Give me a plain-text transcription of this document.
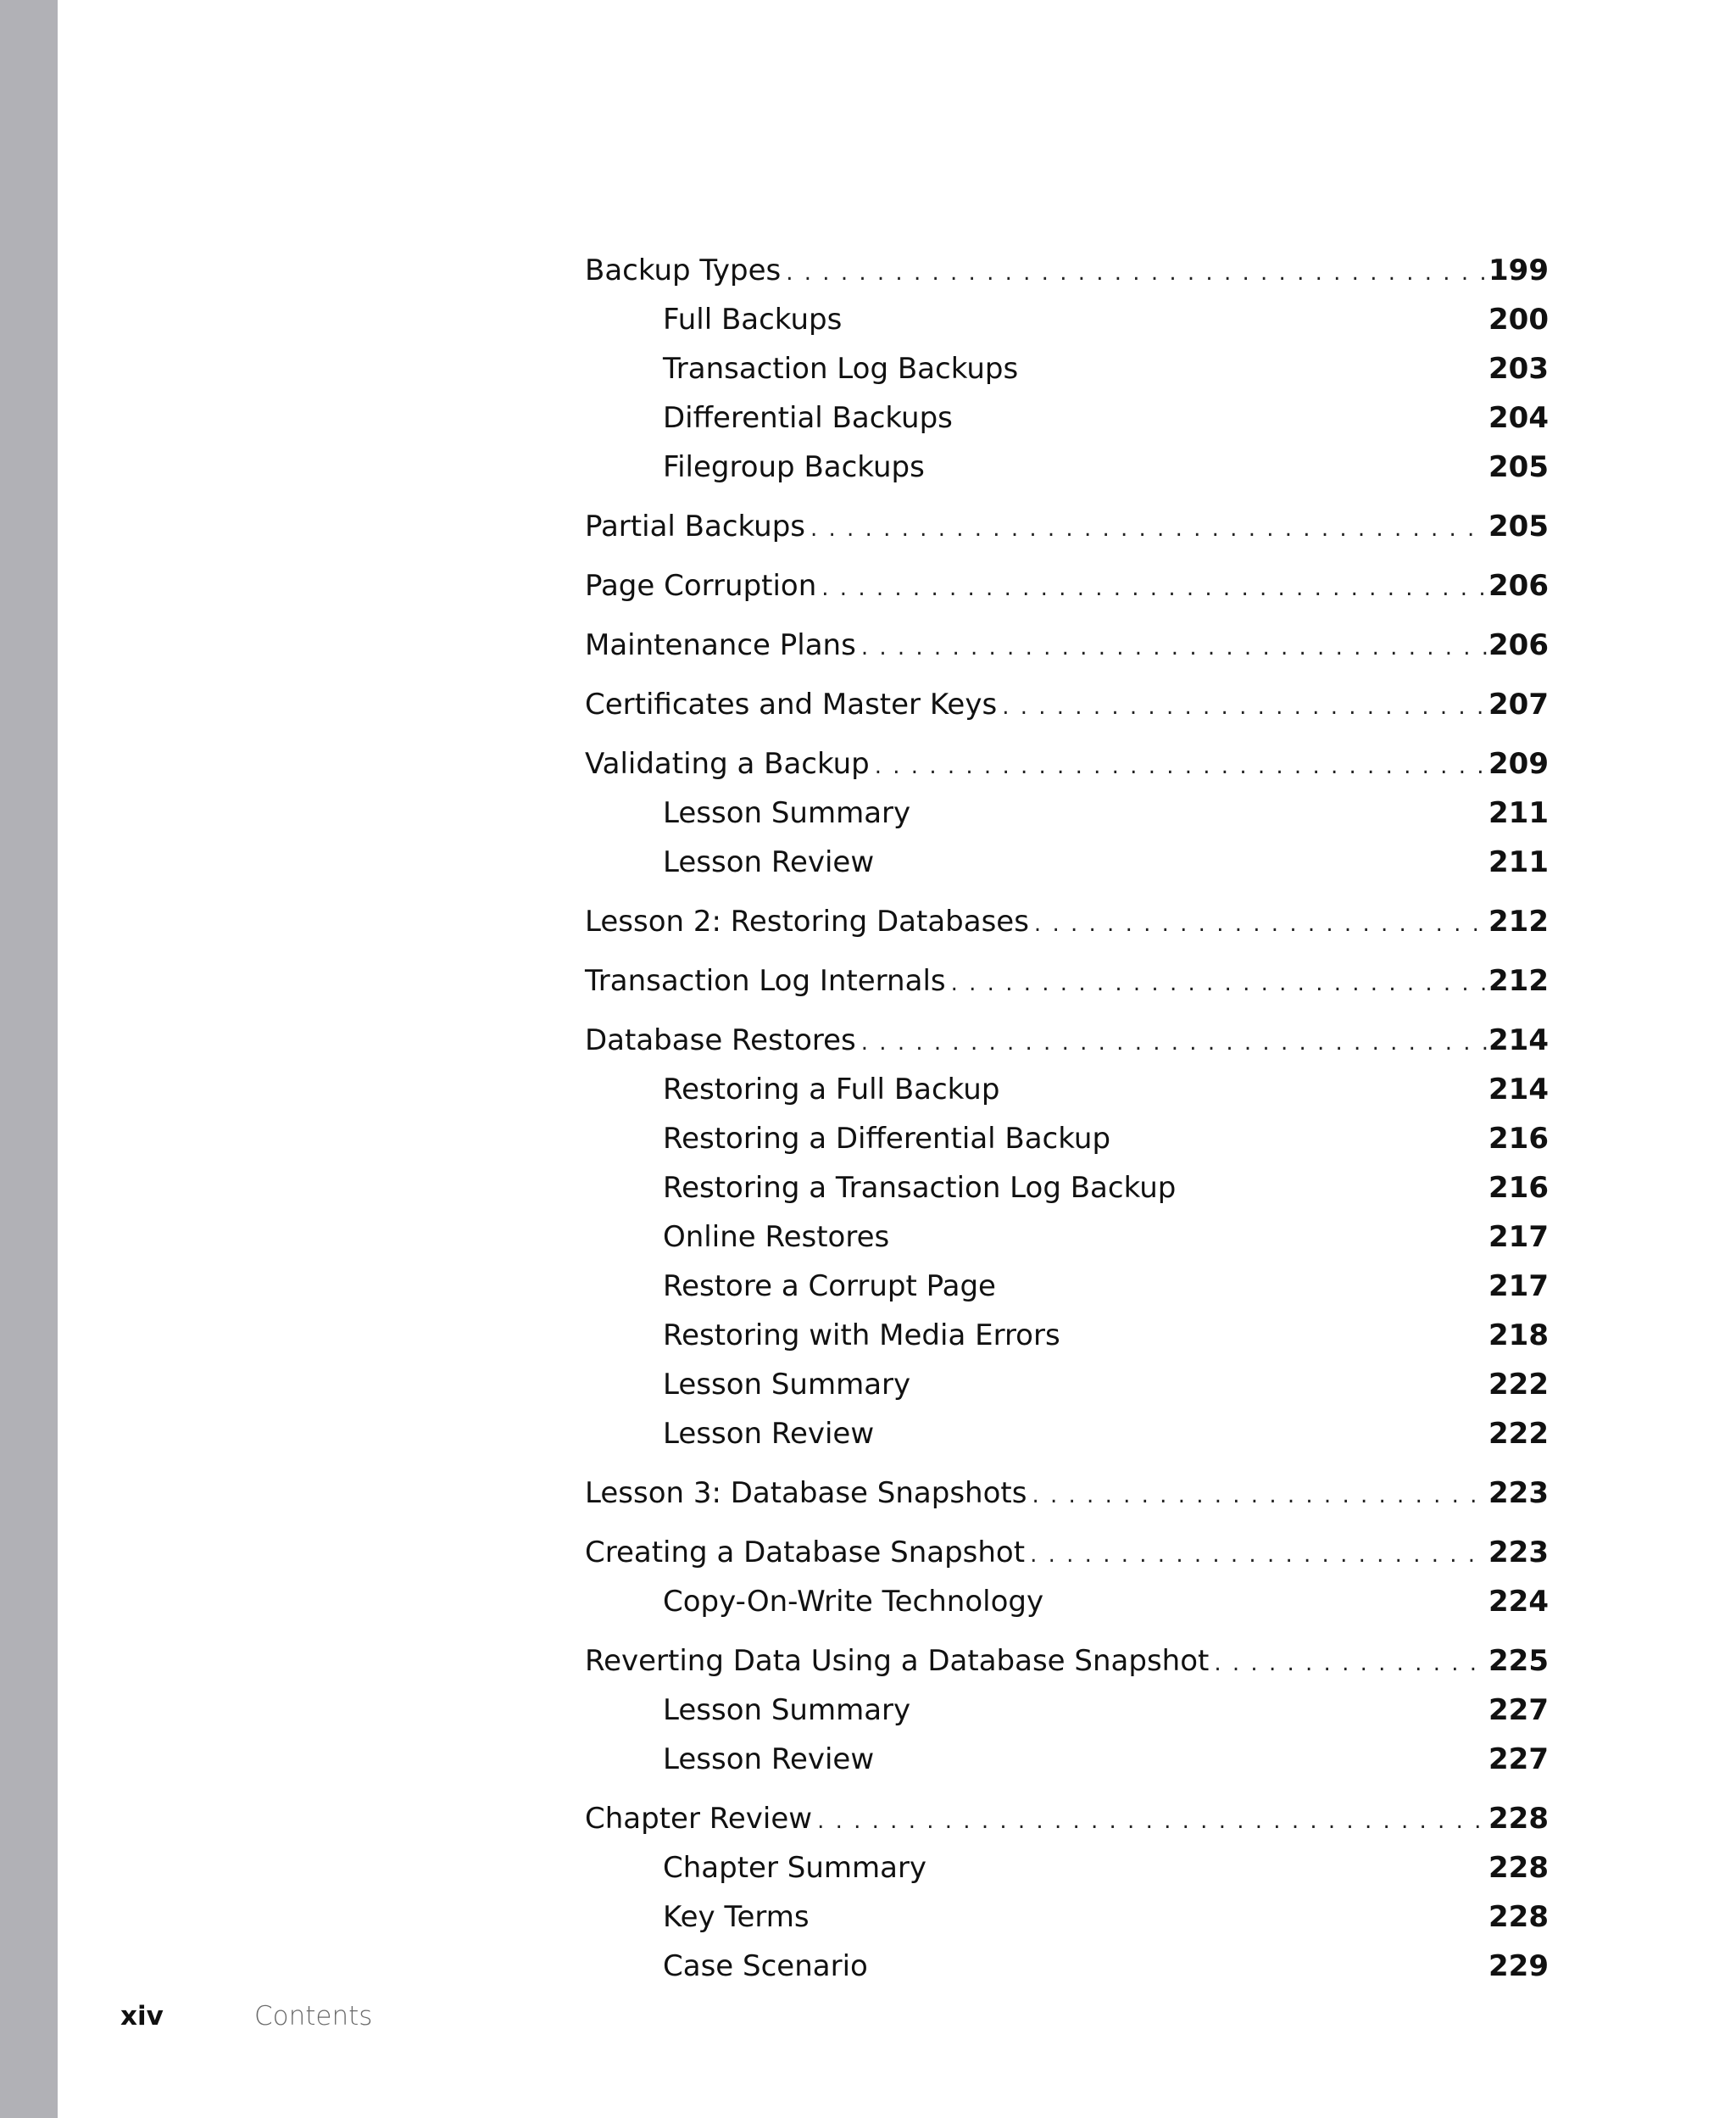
Backup Types . . .	199
Full Backups	200
Transaction Log Backups	203
Differential Backups	204
Filegroup Backups	205
Partial Backups . . .	205
Page Corruption . . .	206
Maintenance Plans . . .	206
Certificates and Master Keys . . .	207
Validating a Backup . . .	209
Lesson Summary	211
Lesson Review	211
Lesson 2: Restoring Databases . . .	212
Transaction Log Internals . . .	212
Database Restores . . .	214
Restoring a Full Backup	214
Restoring a Differential Backup	216
Restoring a Transaction Log Backup	216
Online Restores	217
Restore a Corrupt Page	217
Restoring with Media Errors	218
Lesson Summary	222
Lesson Review	222
Lesson 3: Database Snapshots . . .	223
Creating a Database Snapshot . . .	223
Copy-On-Write Technology	224
Reverting Data Using a Database Snapshot . . .	225
Lesson Summary	227
Lesson Review	227
Chapter Review . . .	228
Chapter Summary	228
Key Terms	228
Case Scenario	229
xiv	Contents
